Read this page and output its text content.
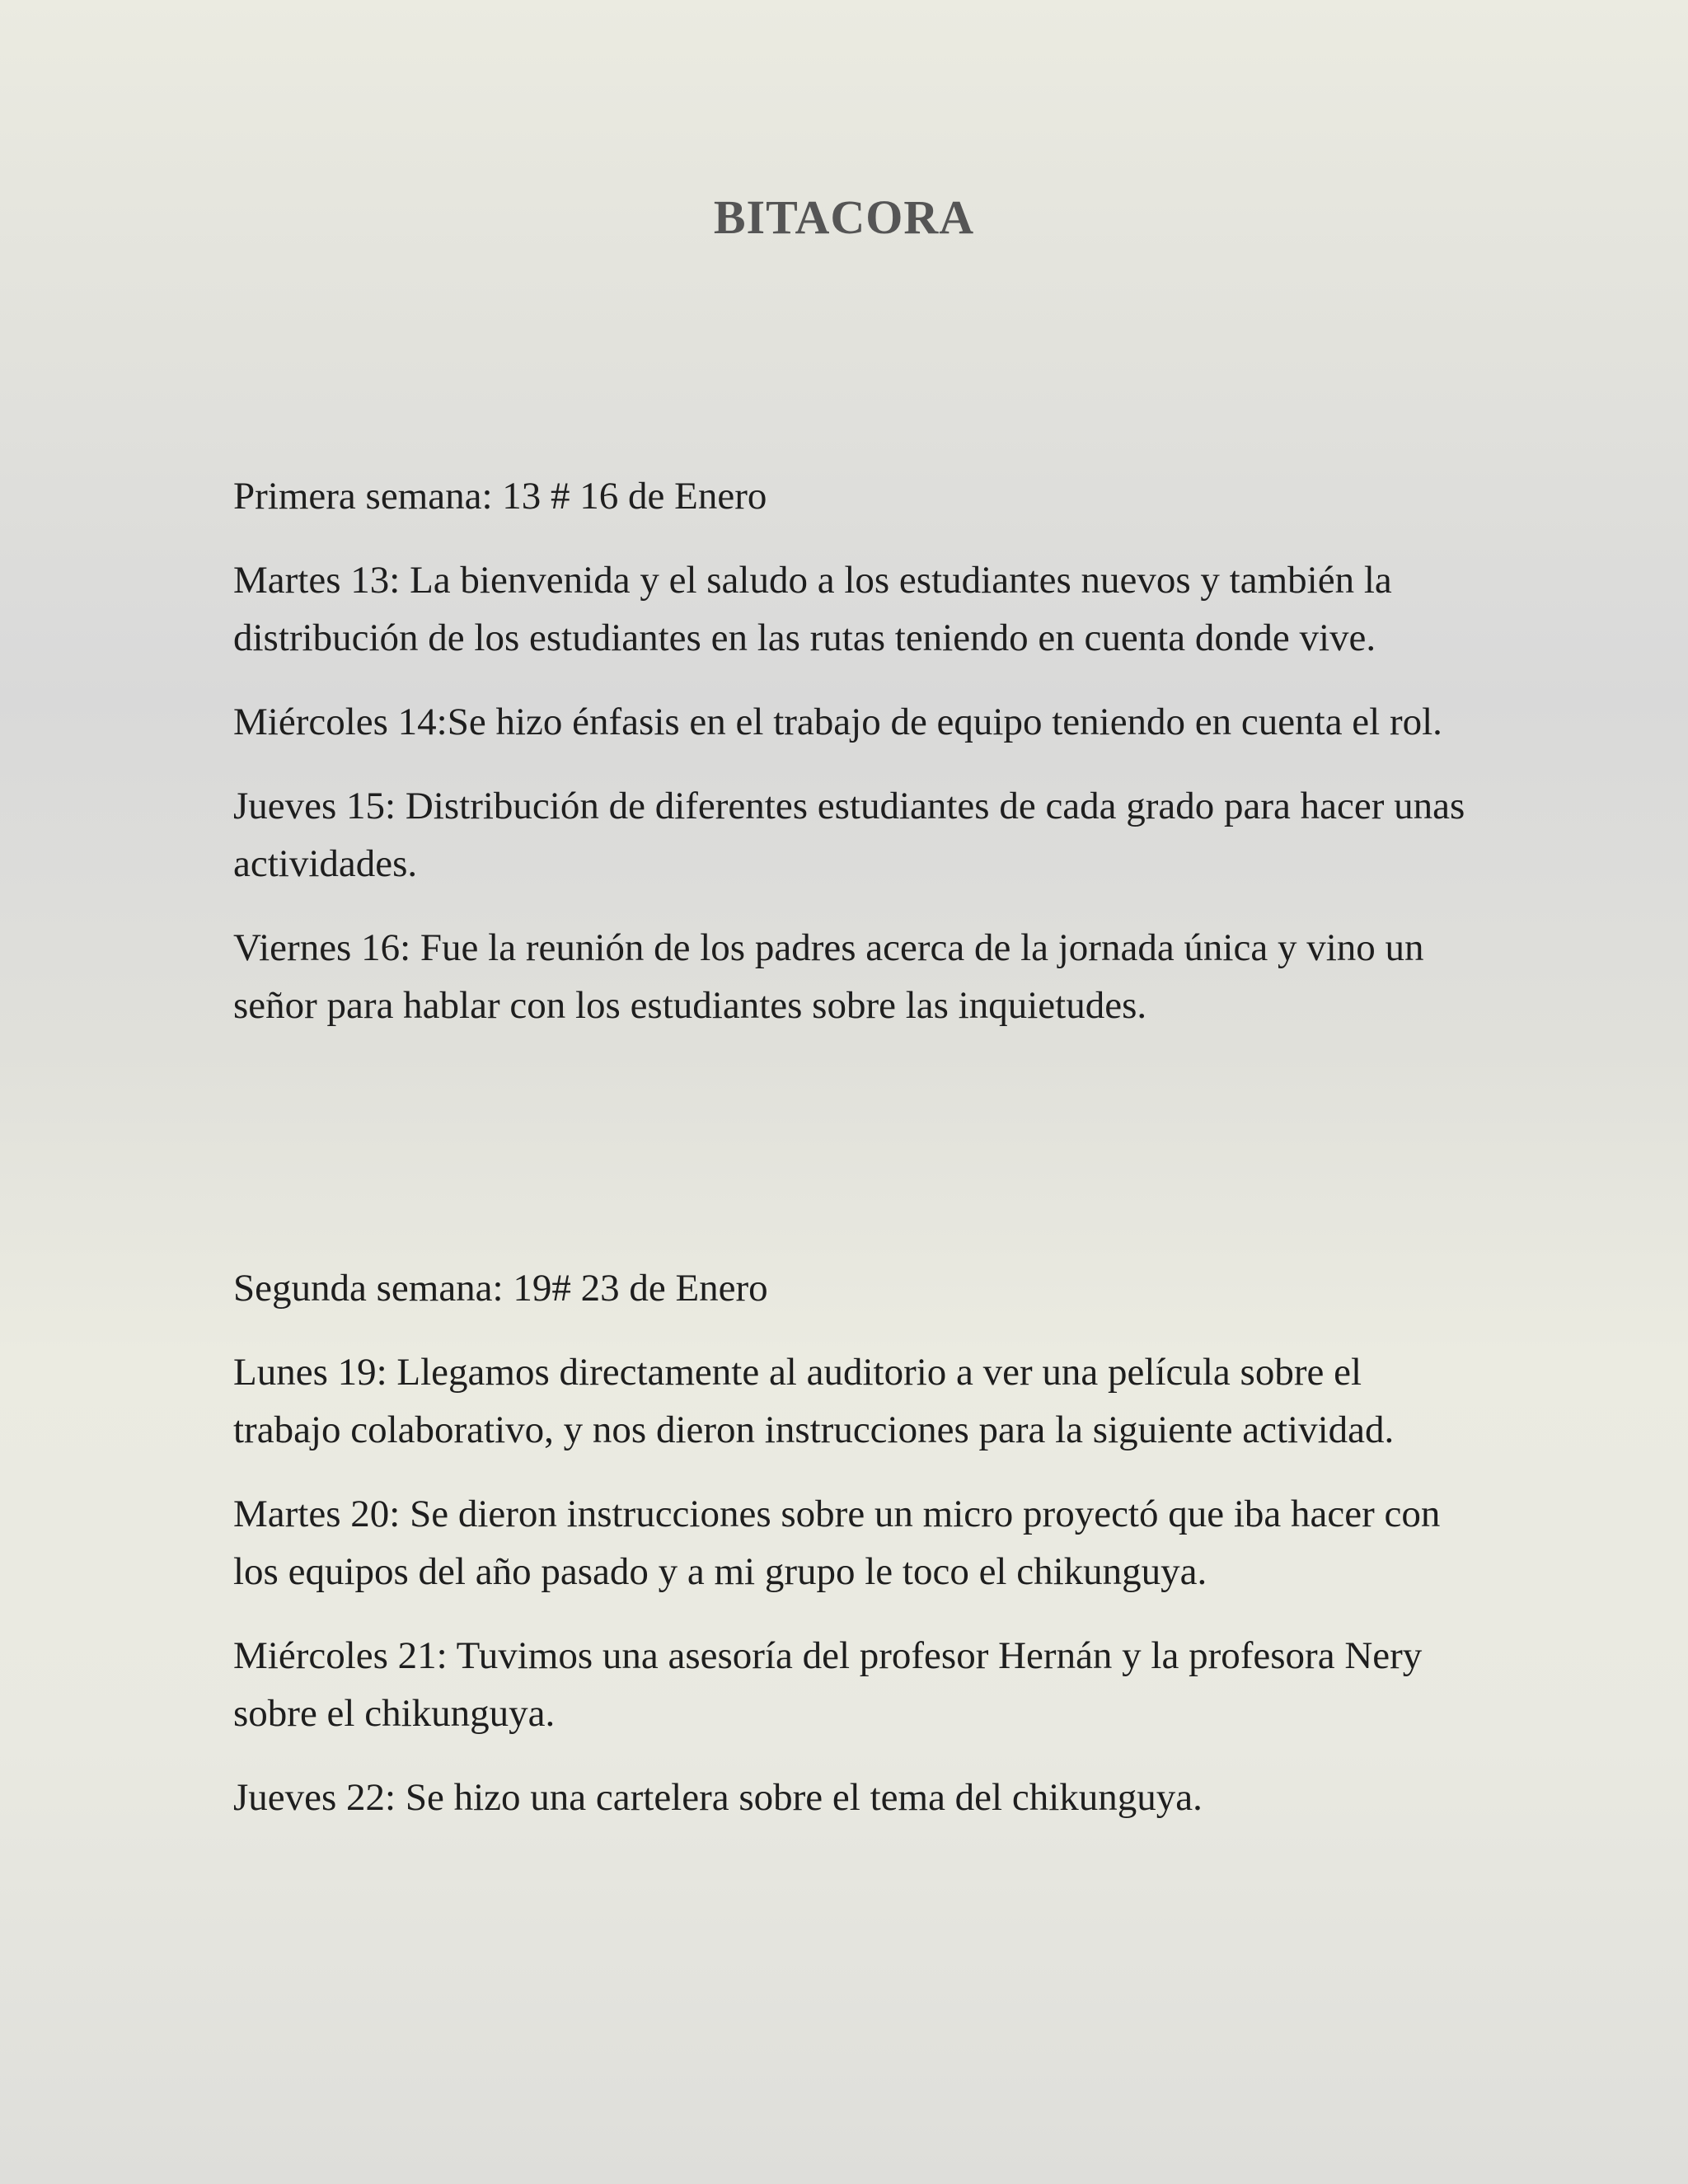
BITACORA

Primera semana: 13 # 16 de Enero

Martes 13: La bienvenida y el saludo a los estudiantes nuevos y también la distribución de los estudiantes en las rutas teniendo en cuenta donde vive.

Miércoles 14:Se hizo énfasis en el trabajo de equipo teniendo en cuenta el rol.

Jueves 15: Distribución de diferentes estudiantes de cada grado para hacer unas actividades.

Viernes 16: Fue la reunión de los padres acerca de la jornada única y vino un señor para hablar con los estudiantes sobre las inquietudes.

Segunda semana: 19# 23 de Enero

Lunes 19: Llegamos directamente al auditorio a ver una película sobre el trabajo colaborativo, y nos dieron instrucciones para la siguiente actividad.

Martes 20: Se dieron instrucciones sobre un micro proyectó que iba hacer con los equipos del año pasado y a mi grupo le toco el chikunguya.

Miércoles 21: Tuvimos una asesoría del profesor Hernán y la profesora Nery sobre el chikunguya.

Jueves 22: Se hizo una cartelera sobre el tema del chikunguya.
